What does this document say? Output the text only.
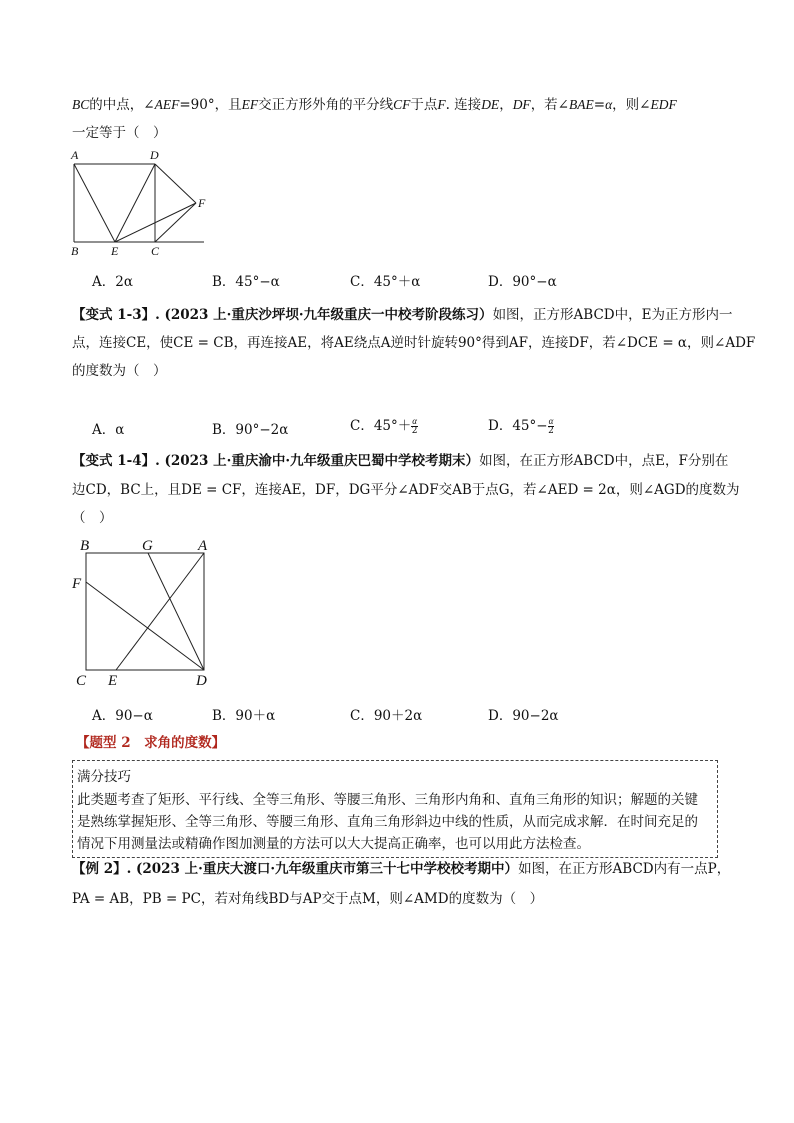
BC的中点，∠AEF=90°，且EF交正方形外角的平分线CF于点F. 连接DE，DF，若∠BAE=α，则∠EDF
一定等于（　）
A	D
F
B	E	C
A．2α	B．45°−α	C．45°＋α	D．90°−α
【变式 1-3】. (2023 上·重庆沙坪坝·九年级重庆一中校考阶段练习）如图，正方形ABCD中，E为正方形内一
点，连接CE，使CE = CB，再连接AE，将AE绕点A逆时针旋转90°得到AF，连接DF，若∠DCE = α，则∠ADF
的度数为（　）
A．α	B．90°−2α	C．$45^\circ+ \frac{\alpha}{2}$	D．$45^\circ- \frac{\alpha}{2}$
【变式 1-4】. (2023 上·重庆渝中·九年级重庆巴蜀中学校考期末）如图，在正方形ABCD中，点E，F分别在
边CD，BC上，且DE = CF，连接AE，DF，DG平分∠ADF交AB于点G，若∠AED = 2α，则∠AGD的度数为
（　）
B	G	A
F
C E	D
A．90−α	B．90＋α	C．90＋2α	D．90−2α
【题型 2　求角的度数】
满分技巧
此类题考查了矩形、平行线、全等三角形、等腰三角形、三角形内角和、直角三角形的知识；解题的关键
是熟练掌握矩形、全等三角形、等腰三角形、直角三角形斜边中线的性质，从而完成求解．在时间充足的
情况下用测量法或精确作图加测量的方法可以大大提高正确率，也可以用此方法检查。
【例 2】. (2023 上·重庆大渡口·九年级重庆市第三十七中学校校考期中）如图，在正方形ABCD内有一点P，
PA = AB，PB = PC，若对角线BD与AP交于点M，则∠AMD的度数为（　）
